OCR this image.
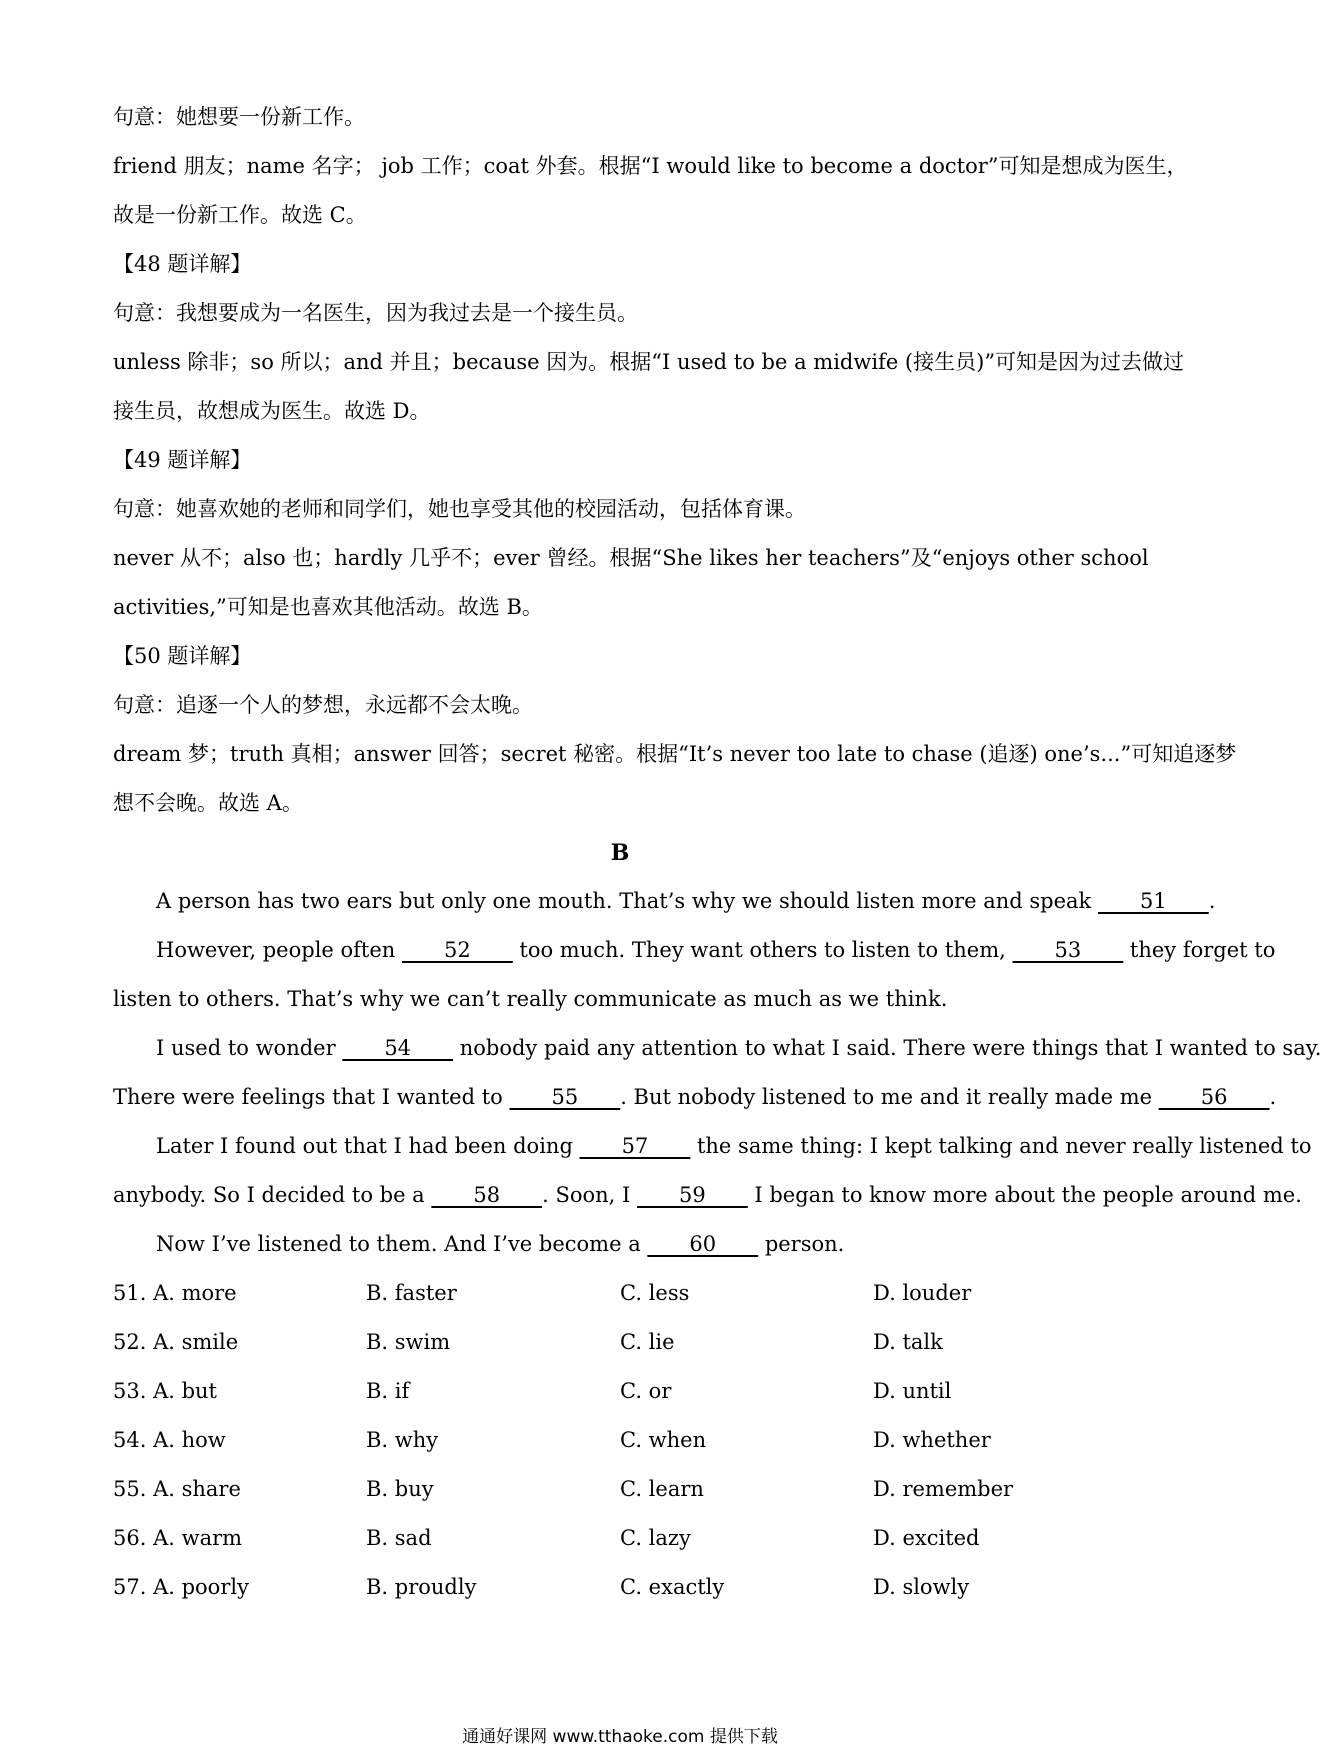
句意：她想要一份新工作。
friend 朋友；name 名字； job 工作；coat 外套。根据“I would like to become a doctor”可知是想成为医生，
故是一份新工作。故选 C。
【48 题详解】
句意：我想要成为一名医生，因为我过去是一个接生员。
unless 除非；so 所以；and 并且；because 因为。根据“I used to be a midwife (接生员)”可知是因为过去做过
接生员，故想成为医生。故选 D。
【49 题详解】
句意：她喜欢她的老师和同学们，她也享受其他的校园活动，包括体育课。
never 从不；also 也；hardly 几乎不；ever 曾经。根据“She likes her teachers”及“enjoys other school
activities,”可知是也喜欢其他活动。故选 B。
【50 题详解】
句意：追逐一个人的梦想，永远都不会太晚。
dream 梦；truth 真相；answer 回答；secret 秘密。根据“It’s never too late to chase (追逐) one’s...”可知追逐梦
想不会晚。故选 A。
B
A person has two ears but only one mouth. That’s why we should listen more and speak ____51____.
However, people often ____52____ too much. They want others to listen to them, ____53____ they forget to
listen to others. That’s why we can’t really communicate as much as we think.
I used to wonder ____54____ nobody paid any attention to what I said. There were things that I wanted to say.
There were feelings that I wanted to ____55____. But nobody listened to me and it really made me ____56____.
Later I found out that I had been doing ____57____ the same thing: I kept talking and never really listened to
anybody. So I decided to be a ____58____. Soon, I ____59____ I began to know more about the people around me.
Now I’ve listened to them. And I’ve become a ____60____ person.
51. A. more	B. faster	C. less	D. louder
52. A. smile	B. swim	C. lie	D. talk
53. A. but	B. if	C. or	D. until
54. A. how	B. why	C. when	D. whether
55. A. share	B. buy	C. learn	D. remember
56. A. warm	B. sad	C. lazy	D. excited
57. A. poorly	B. proudly	C. exactly	D. slowly
通通好课网 www.tthaoke.com 提供下载
